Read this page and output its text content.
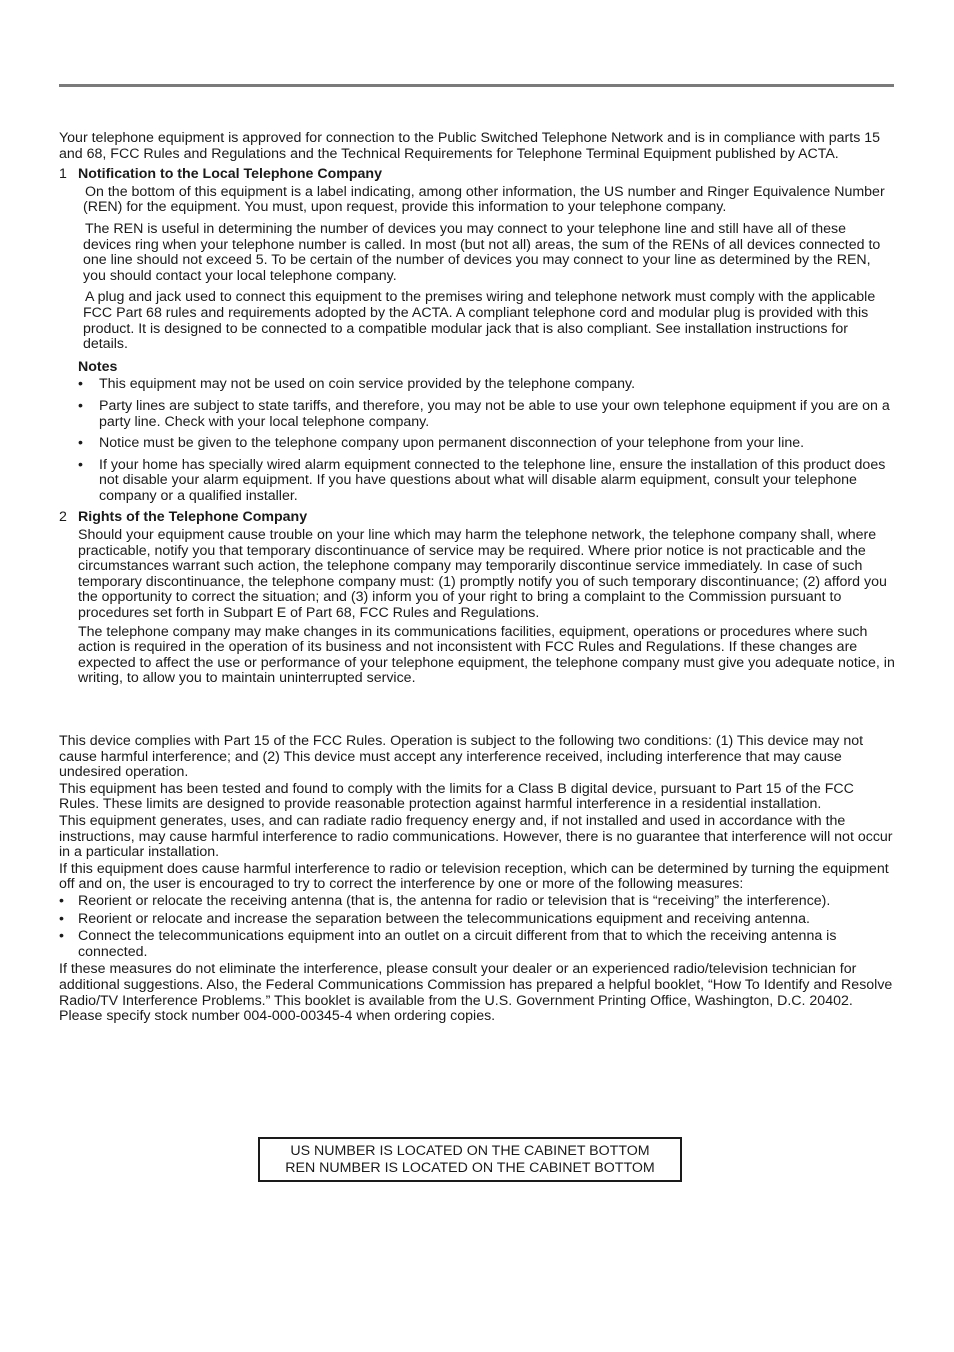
Your telephone equipment is approved for connection to the Public Switched Telephone Network and is in compliance with parts 15 and 68, FCC Rules and Regulations and the Technical Requirements for Telephone Terminal Equipment published by ACTA.

1 Notification to the Local Telephone Company

On the bottom of this equipment is a label indicating, among other information, the US number and Ringer Equivalence Number (REN) for the equipment. You must, upon request, provide this information to your telephone company.

The REN is useful in determining the number of devices you may connect to your telephone line and still have all of these devices ring when your telephone number is called. In most (but not all) areas, the sum of the RENs of all devices connected to one line should not exceed 5. To be certain of the number of devices you may connect to your line as determined by the REN, you should contact your local telephone company.

A plug and jack used to connect this equipment to the premises wiring and telephone network must comply with the applicable FCC Part 68 rules and requirements adopted by the ACTA. A compliant telephone cord and modular plug is provided with this product. It is designed to be connected to a compatible modular jack that is also compliant. See installation instructions for details.

Notes
•	This equipment may not be used on coin service provided by the telephone company.
•	Party lines are subject to state tariffs, and therefore, you may not be able to use your own telephone equipment if you are on a party line. Check with your local telephone company.
•	Notice must be given to the telephone company upon permanent disconnection of your telephone from your line.
•	If your home has specially wired alarm equipment connected to the telephone line, ensure the installation of this product does not disable your alarm equipment. If you have questions about what will disable alarm equipment, consult your telephone company or a qualified installer.
2 Rights of the Telephone Company

Should your equipment cause trouble on your line which may harm the telephone network, the telephone company shall, where practicable, notify you that temporary discontinuance of service may be required. Where prior notice is not practicable and the circumstances warrant such action, the telephone company may temporarily discontinue service immediately. In case of such temporary discontinuance, the telephone company must: (1) promptly notify you of such temporary discontinuance; (2) afford you the opportunity to correct the situation; and (3) inform you of your right to bring a complaint to the Commission pursuant to procedures set forth in Subpart E of Part 68, FCC Rules and Regulations.

The telephone company may make changes in its communications facilities, equipment, operations or procedures where such action is required in the operation of its business and not inconsistent with FCC Rules and Regulations. If these changes are expected to affect the use or performance of your telephone equipment, the telephone company must give you adequate notice, in writing, to allow you to maintain uninterrupted service.

This device complies with Part 15 of the FCC Rules. Operation is subject to the following two conditions: (1) This device may not cause harmful interference; and (2) This device must accept any interference received, including interference that may cause undesired operation.

This equipment has been tested and found to comply with the limits for a Class B digital device, pursuant to Part 15 of the FCC Rules. These limits are designed to provide reasonable protection against harmful interference in a residential installation.

This equipment generates, uses, and can radiate radio frequency energy and, if not installed and used in accordance with the instructions, may cause harmful interference to radio communications. However, there is no guarantee that interference will not occur in a particular installation.

If this equipment does cause harmful interference to radio or television reception, which can be determined by turning the equipment off and on, the user is encouraged to try to correct the interference by one or more of the following measures:

• Reorient or relocate the receiving antenna (that is, the antenna for radio or television that is “receiving” the interference).
• Reorient or relocate and increase the separation between the telecommunications equipment and receiving antenna.
• Connect the telecommunications equipment into an outlet on a circuit different from that to which the receiving antenna is connected.

If these measures do not eliminate the interference, please consult your dealer or an experienced radio/television technician for additional suggestions. Also, the Federal Communications Commission has prepared a helpful booklet, “How To Identify and Resolve Radio/TV Interference Problems.” This booklet is available from the U.S. Government Printing Office, Washington, D.C. 20402. Please specify stock number 004-000-00345-4 when ordering copies.

US NUMBER IS LOCATED ON THE CABINET BOTTOM
REN NUMBER IS LOCATED ON THE CABINET BOTTOM
